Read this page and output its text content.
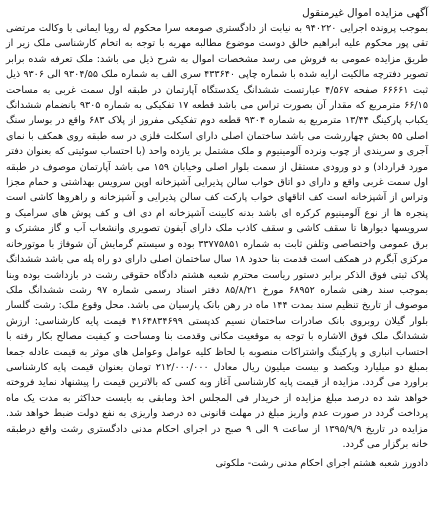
آگهی مزایده اموال غیرمنقول

بموجب پرونده اجرایی ۹۴۰۲۲۰ به نیابت از دادگستری صومعه سرا محکوم له رویا ایمانی با وکالت مرتضی تقی پور محکوم علیه ابراهیم خالق دوست موضوع مطالبه مهریه با توجه به اتخام کارشناسی ملک زیر از طریق مزایده عمومی به فروش می رسد مشخصات اموال به شرح ذیل می باشد: ملک تعرفه شده برابر تصویر دفترچه مالکیت ارایه شده با شماره چاپی ۴۳۳۶۴۰ سری الف به شماره ملک ۹۳۰۴/۵۵ الی ۹۳۰۶ ذیل ثبت ۶۶۶۶۱ صفحه ۴/۵۶۷ عبارتست ششدانگ یکدستگاه آپارتمان در طبقه اول سمت غربی به مساحت ۶۶/۱۵ مترمربع که مقدار آن بصورت تراس می باشد قطعه ۱۷ تفکیکی به شماره ۹۳۰۵ بانضمام ششدانگ یکباب پارکینگ ۱۳/۴۴ مترمربع به شماره ۹۳۰۴ قطعه دوم تفکیکی مفروز از پلاک ۶۸۳ واقع در بوسار سنگ اصلی ۵۵ بخش چهاررشت می باشد ساختمان اصلی دارای اسکلت فلزی در سه طبقه روی همکف با نمای آجری و سریندی از چوب ونرده آلومینیوم و ملک مشتمل بر یازده واحد (با احتساب سوئیتی که بعنوان دفتر مورد قرارداد) و دو ورودی مستقل از سمت بلوار اصلی وخیابان ۱۵۹ می باشد آپارتمان موصوف در طبقه اول سمت غربی واقع و دارای دو اتاق خواب سالن پذیرایی آشپزخانه اوپن سرویس بهداشتی و حمام مجزا وتراس از آشپزخانه است کف اتاقهای خواب پارکت کف سالن پذیرایی و آشپزخانه و راهروها کاشی است پنجره ها از نوع آلومینیوم کرکره ای باشد بدنه کابینت آشپزخانه ام دی اف و کف پوش های سرامیک و سرویسها دیوارها تا سقف کاشی و سقف کاذب ملک دارای آیفون تصویری وانشعاب آب و گاز مشترک و برق عمومی واختصاصی وتلفن ثابت به شماره ۳۳۷۷۵۸۵۱ بوده و سیستم گرمایش آن شوفاژ با موتورخانه مرکزی آبگرم در همکف است قدمت بنا حدود ۱۸ سال ساختمان اصلی دارای دو راه پله می باشد ششدانگ پلاک ثبتی فوق الذکر برابر دستور ریاست محترم شعبه هشتم دادگاه حقوقی رشت در بازداشت بوده وبنا بموجب سند رهنی شماره ۶۸۹۵۲ مورخ ۸۵/۸/۲۱ دفتر اسناد رسمی شماره ۹۷ رشت ششدانگ ملک موصوف از تاریخ تنظیم سند بمدت ۱۴۴ ماه در رهن بانک پارسیان می باشد. محل وقوع ملک: رشت گلسار بلوار گیلان روبروی بانک صادرات ساختمان نسیم کدپستی ۴۱۶۴۸۳۴۶۹۹ قیمت پایه کارشناسی: ارزش ششدانگ ملک فوق الاشاره با توجه به موقعیت مکانی وقدمت بنا ومساحت و کیفیت مصالح بکار رفته با احتساب انباری و پارکینگ واشتراکات منصوبه با لحاظ کلیه عوامل وعوامل های موثر به قیمت عادله جمعا بمبلغ دو میلیارد ویکصد و بیست میلیون ریال معادل ۲۱۲/۰۰۰/۰۰۰ تومان بعنوان قیمت پایه کارشناسی براورد می گردد. مزایده از قیمت پایه کارشناسی آغاز وبه کسی که بالاترین قیمت را پیشنهاد نماید فروخته خواهد شد ده درصد مبلغ مزایده از خریدار فی المجلس اخذ ومابقی به بایست حداکثر به مدت یک ماه پرداخت گردد در صورت عدم واریز مبلغ در مهلت قانونی ده درصد واریزی به نفع دولت ضبط خواهد شد. مزایده در تاریخ ۱۳۹۵/۹/۹ از ساعت ۹ الی ۹ صبح در اجرای احکام مدنی دادگستری رشت واقع درطبقه خانه برگزار می گردد.

دادورز شعبه هشتم اجرای احکام مدنی رشت- ملکوتی
